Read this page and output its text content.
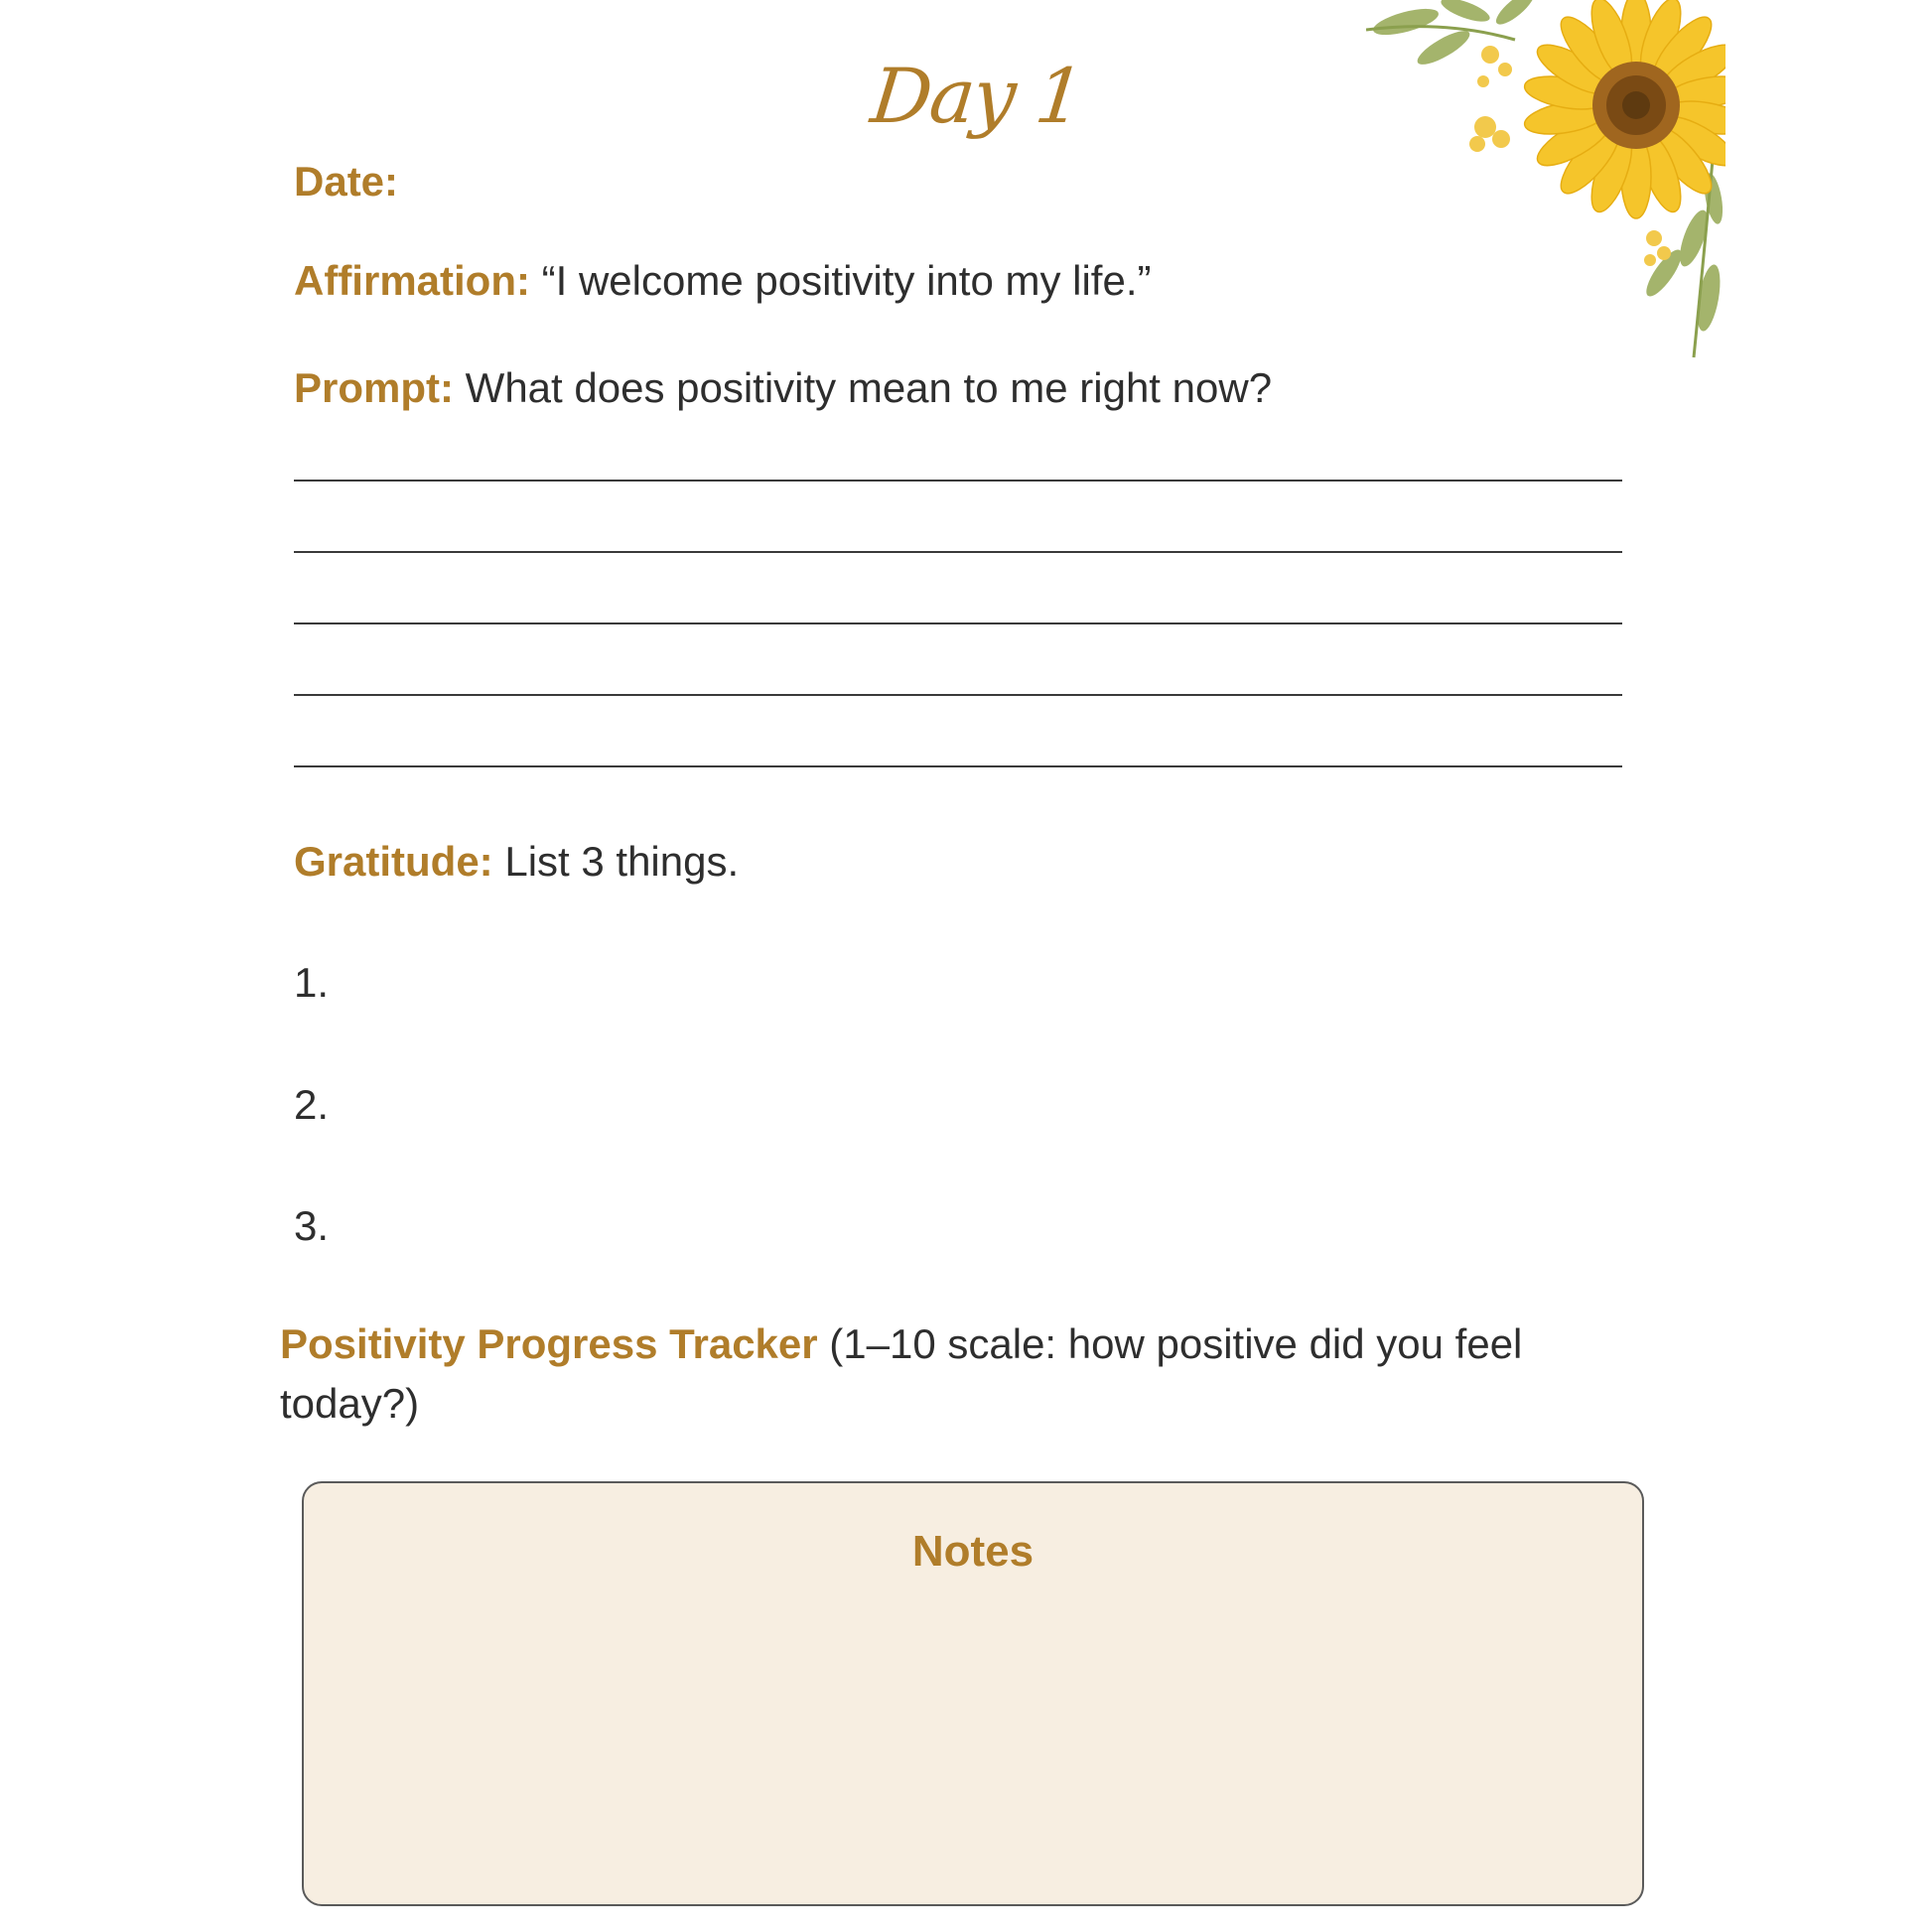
Day 1
Date:
Affirmation: “I welcome positivity into my life.”
Prompt: What does positivity mean to me right now?
Gratitude: List 3 things.
1.
2.
3.
Positivity Progress Tracker (1–10 scale: how positive did you feel today?)
Notes
